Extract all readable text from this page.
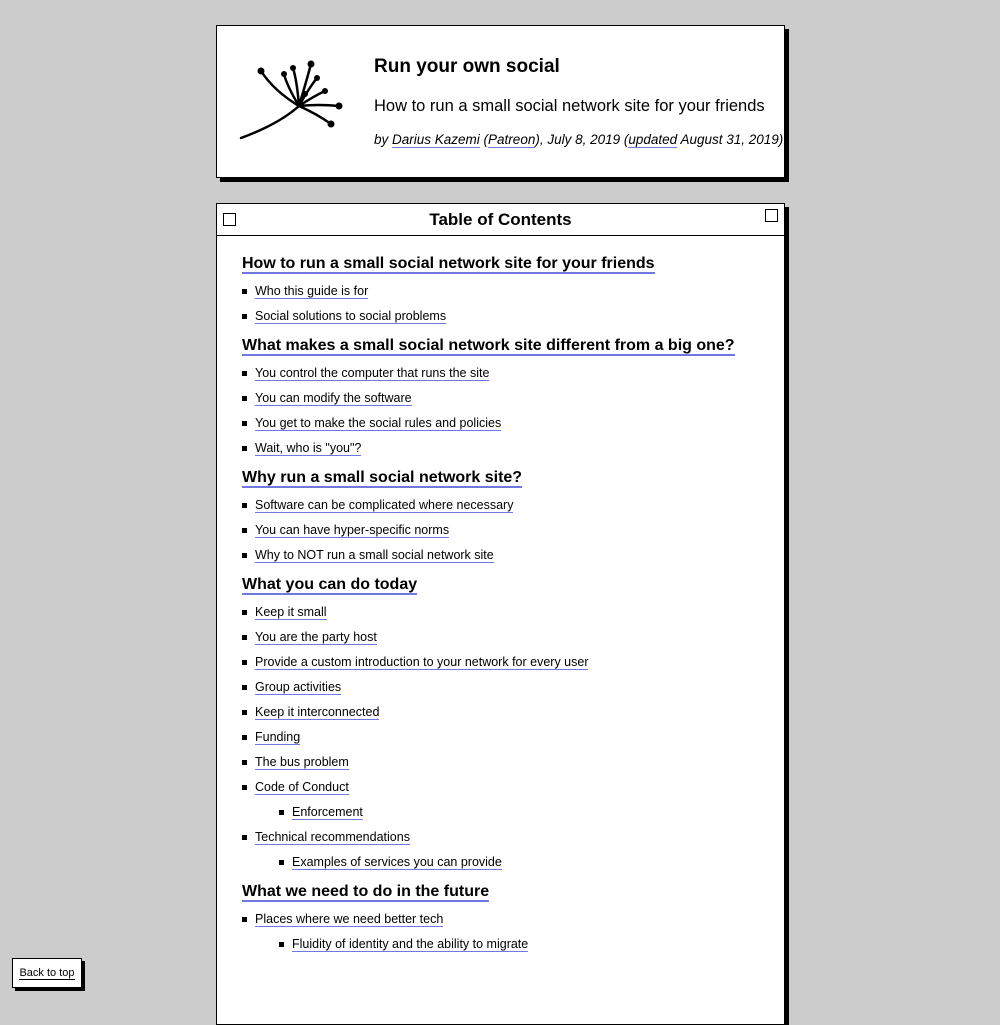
Run your own social

How to run a small social network site for your friends

by Darius Kazemi (Patreon), July 8, 2019 (updated August 31, 2019)

Table of Contents
How to run a small social network site for your friends
Who this guide is for
Social solutions to social problems
What makes a small social network site different from a big one?
You control the computer that runs the site
You can modify the software
You get to make the social rules and policies
Wait, who is "you"?
Why run a small social network site?
Software can be complicated where necessary
You can have hyper-specific norms
Why to NOT run a small social network site
What you can do today
Keep it small
You are the party host
Provide a custom introduction to your network for every user
Group activities
Keep it interconnected
Funding
The bus problem
Code of Conduct
Enforcement
Technical recommendations
Examples of services you can provide
What we need to do in the future
Places where we need better tech
Fluidity of identity and the ability to migrate
Back to top
